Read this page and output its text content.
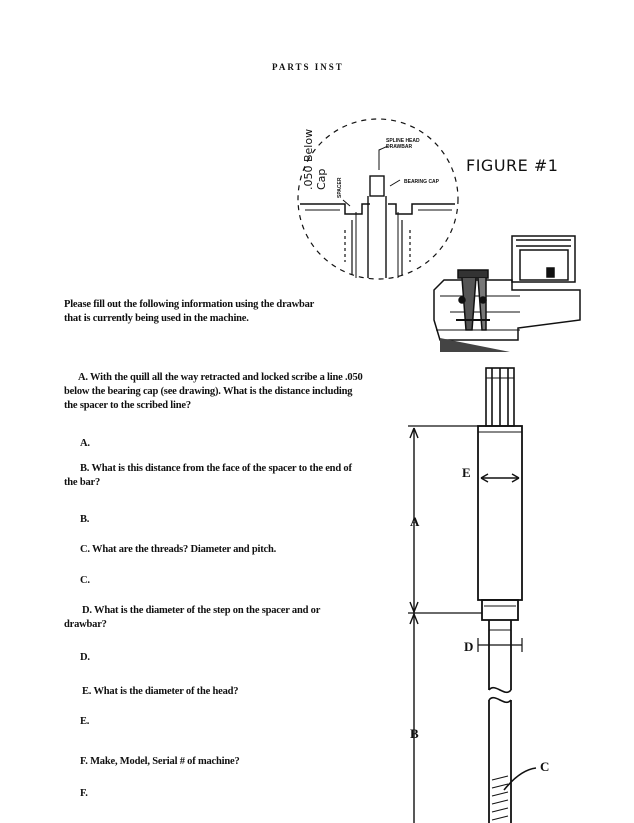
PARTS INST
.050 Below Cap
SPLINE HEAD DRAWBAR
BEARING CAP
SPACER
FIGURE #1
E
A
D
B
C
Please fill out the following information using the drawbar that is currently being used in the machine.
A. With the quill all the way retracted and locked scribe a line .050 below the bearing cap (see drawing). What is the distance including the spacer to the scribed line?
A.
B. What is this distance from the face of the spacer to the end of the bar?
B.
C. What are the threads? Diameter and pitch.
C.
D. What is the diameter of the step on the spacer and or drawbar?
D.
E. What is the diameter of the head?
E.
F. Make, Model, Serial # of machine?
F.
